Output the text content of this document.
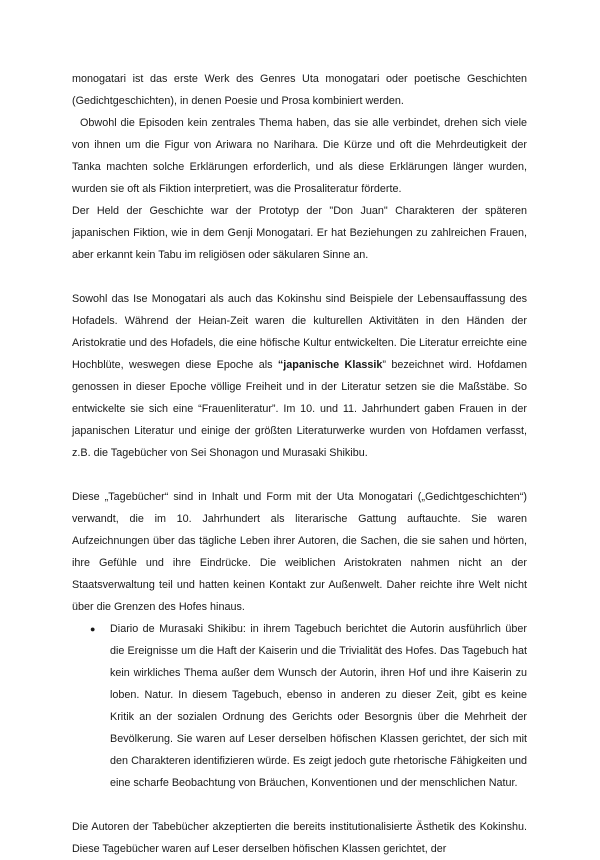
monogatari ist das erste Werk des Genres Uta monogatari oder poetische Geschichten (Gedichtgeschichten), in denen Poesie und Prosa kombiniert werden.

Obwohl die Episoden kein zentrales Thema haben, das sie alle verbindet, drehen sich viele von ihnen um die Figur von Ariwara no Narihara. Die Kürze und oft die Mehrdeutigkeit der Tanka machten solche Erklärungen erforderlich, und als diese Erklärungen länger wurden, wurden sie oft als Fiktion interpretiert, was die Prosaliteratur förderte.

Der Held der Geschichte war der Prototyp der "Don Juan" Charakteren der späteren japanischen Fiktion, wie in dem Genji Monogatari. Er hat Beziehungen zu zahlreichen Frauen, aber erkannt kein Tabu im religiösen oder säkularen Sinne an.

Sowohl das Ise Monogatari als auch das Kokinshu sind Beispiele der Lebensauffassung des Hofadels. Während der Heian-Zeit waren die kulturellen Aktivitäten in den Händen der Aristokratie und des Hofadels, die eine höfische Kultur entwickelten. Die Literatur erreichte eine Hochblüte, weswegen diese Epoche als “japanische Klassik” bezeichnet wird. Hofdamen genossen in dieser Epoche völlige Freiheit und in der Literatur setzen sie die Maßstäbe. So entwickelte sie sich eine “Frauenliteratur”. Im 10. und 11. Jahrhundert gaben Frauen in der japanischen Literatur und einige der größten Literaturwerke wurden von Hofdamen verfasst, z.B. die Tagebücher von Sei Shonagon und Murasaki Shikibu.

Diese „Tagebücher“ sind in Inhalt und Form mit der Uta Monogatari („Gedichtgeschichten“) verwandt, die im 10. Jahrhundert als literarische Gattung auftauchte. Sie waren Aufzeichnungen über das tägliche Leben ihrer Autoren, die Sachen, die sie sahen und hörten, ihre Gefühle und ihre Eindrücke. Die weiblichen Aristokraten nahmen nicht an der Staatsverwaltung teil und hatten keinen Kontakt zur Außenwelt. Daher reichte ihre Welt nicht über die Grenzen des Hofes hinaus.

● Diario de Murasaki Shikibu: in ihrem Tagebuch berichtet die Autorin ausführlich über die Ereignisse um die Haft der Kaiserin und die Trivialität des Hofes. Das Tagebuch hat kein wirkliches Thema außer dem Wunsch der Autorin, ihren Hof und ihre Kaiserin zu loben. Natur. In diesem Tagebuch, ebenso in anderen zu dieser Zeit, gibt es keine Kritik an der sozialen Ordnung des Gerichts oder Besorgnis über die Mehrheit der Bevölkerung. Sie waren auf Leser derselben höfischen Klassen gerichtet, der sich mit den Charakteren identifizieren würde. Es zeigt jedoch gute rhetorische Fähigkeiten und eine scharfe Beobachtung von Bräuchen, Konventionen und der menschlichen Natur.

Die Autoren der Tabebücher akzeptierten die bereits institutionalisierte Ästhetik des Kokinshu. Diese Tagebücher waren auf Leser derselben höfischen Klassen gerichtet, der
